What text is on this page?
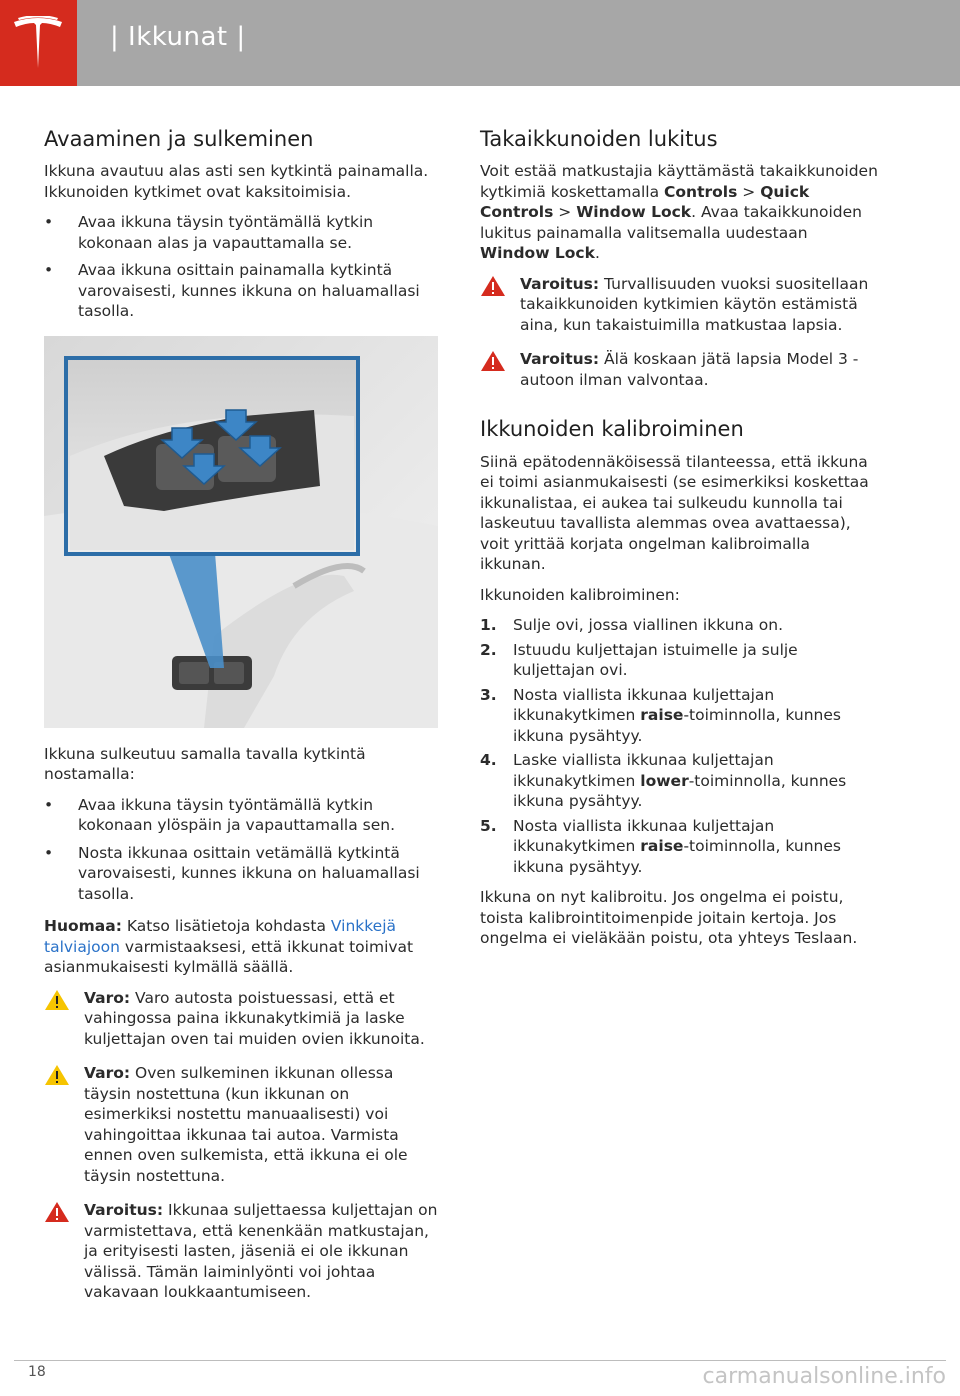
| Ikkunat |
Avaaminen ja sulkeminen

Ikkuna avautuu alas asti sen kytkintä painamalla. Ikkunoiden kytkimet ovat kaksitoimisia.

• Avaa ikkuna täysin työntämällä kytkin kokonaan alas ja vapauttamalla se.
• Avaa ikkuna osittain painamalla kytkintä varovaisesti, kunnes ikkuna on haluamallasi tasolla.

Ikkuna sulkeutuu samalla tavalla kytkintä nostamalla:

• Avaa ikkuna täysin työntämällä kytkin kokonaan ylöspäin ja vapauttamalla sen.
• Nosta ikkunaa osittain vetämällä kytkintä varovaisesti, kunnes ikkuna on haluamallasi tasolla.

Huomaa: Katso lisätietoja kohdasta Vinkkejä talviajoon varmistaaksesi, että ikkunat toimivat asianmukaisesti kylmällä säällä.

Varo: Varo autosta poistuessasi, että et vahingossa paina ikkunakytkimiä ja laske kuljettajan oven tai muiden ovien ikkunoita.
Varo: Oven sulkeminen ikkunan ollessa täysin nostettuna (kun ikkunan on esimerkiksi nostettu manuaalisesti) voi vahingoittaa ikkunaa tai autoa. Varmista ennen oven sulkemista, että ikkuna ei ole täysin nostettuna.
Varoitus: Ikkunaa suljettaessa kuljettajan on varmistettava, että kenenkään matkustajan, ja erityisesti lasten, jäseniä ei ole ikkunan välissä. Tämän laiminlyönti voi johtaa vakavaan loukkaantumiseen.
Takaikkunoiden lukitus

Voit estää matkustajia käyttämästä takaikkunoiden kytkimiä koskettamalla Controls > Quick Controls > Window Lock. Avaa takaikkunoiden lukitus painamalla valitsemalla uudestaan Window Lock.

Varoitus: Turvallisuuden vuoksi suositellaan takaikkunoiden kytkimien käytön estämistä aina, kun takaistuimilla matkustaa lapsia.
Varoitus: Älä koskaan jätä lapsia Model 3 -autoon ilman valvontaa.
Ikkunoiden kalibroiminen

Siinä epätodennäköisessä tilanteessa, että ikkuna ei toimi asianmukaisesti (se esimerkiksi koskettaa ikkunalistaa, ei aukea tai sulkeudu kunnolla tai laskeutuu tavallista alemmas ovea avattaessa), voit yrittää korjata ongelman kalibroimalla ikkunan.

Ikkunoiden kalibroiminen:

1. Sulje ovi, jossa viallinen ikkuna on.
2. Istuudu kuljettajan istuimelle ja sulje kuljettajan ovi.
3. Nosta viallista ikkunaa kuljettajan ikkunakytkimen raise-toiminnolla, kunnes ikkuna pysähtyy.
4. Laske viallista ikkunaa kuljettajan ikkunakytkimen lower-toiminnolla, kunnes ikkuna pysähtyy.
5. Nosta viallista ikkunaa kuljettajan ikkunakytkimen raise-toiminnolla, kunnes ikkuna pysähtyy.

Ikkuna on nyt kalibroitu. Jos ongelma ei poistu, toista kalibrointitoimenpide joitain kertoja. Jos ongelma ei vieläkään poistu, ota yhteys Teslaan.

18	carmanualsonline.info
